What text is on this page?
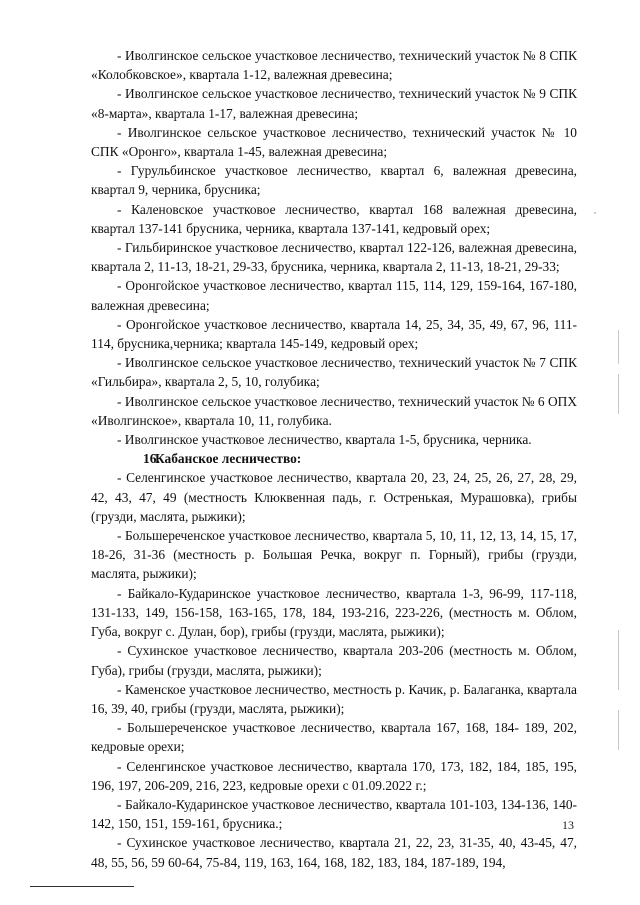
- Иволгинское сельское участковое лесничество, технический участок № 8 СПК «Колобковское», квартала 1-12, валежная древесина;

- Иволгинское сельское участковое лесничество, технический участок № 9 СПК «8-марта», квартала 1-17, валежная древесина;

- Иволгинское сельское участковое лесничество, технический участок № 10 СПК «Оронго», квартала 1-45, валежная древесина;

- Гурульбинское участковое лесничество, квартал 6, валежная древесина, квартал 9, черника, брусника;

- Каленовское участковое лесничество, квартал 168 валежная древесина, квартал 137-141 брусника, черника, квартала 137-141, кедровый орех;

- Гильбиринское участковое лесничество, квартал 122-126, валежная древесина, квартала 2, 11-13, 18-21, 29-33, брусника, черника, квартала 2, 11-13, 18-21, 29-33;

- Оронгойское участковое лесничество, квартал 115, 114, 129, 159-164, 167-180, валежная древесина;

- Оронгойское участковое лесничество, квартала 14, 25, 34, 35, 49, 67, 96, 111-114, брусника,черника; квартала 145-149, кедровый орех;

- Иволгинское сельское участковое лесничество, технический участок № 7 СПК «Гильбира», квартала 2, 5, 10, голубика;

- Иволгинское сельское участковое лесничество, технический участок № 6 ОПХ «Иволгинское», квартала 10, 11, голубика.

- Иволгинское участковое лесничество, квартала 1-5, брусника, черника.

16.Кабанское лесничество:

- Селенгинское участковое лесничество, квартала 20, 23, 24, 25, 26, 27, 28, 29, 42, 43, 47, 49 (местность Клюквенная падь, г. Остренькая, Мурашовка), грибы (грузди, маслята, рыжики);

- Большереченское участковое лесничество, квартала 5, 10, 11, 12, 13, 14, 15, 17, 18-26, 31-36 (местность р. Большая Речка, вокруг п. Горный), грибы (грузди, маслята, рыжики);

- Байкало-Кударинское участковое лесничество, квартала 1-3, 96-99, 117-118, 131-133, 149, 156-158, 163-165, 178, 184, 193-216, 223-226, (местность м. Облом, Губа, вокруг с. Дулан, бор), грибы (грузди, маслята, рыжики);

- Сухинское участковое лесничество, квартала 203-206 (местность м. Облом, Губа), грибы (грузди, маслята, рыжики);

- Каменское участковое лесничество, местность р. Качик, р. Балаганка, квартала 16, 39, 40, грибы (грузди, маслята, рыжики);

- Большереченское участковое лесничество, квартала 167, 168, 184- 189, 202, кедровые орехи;

- Селенгинское участковое лесничество, квартала 170, 173, 182, 184, 185, 195, 196, 197, 206-209, 216, 223, кедровые орехи с 01.09.2022 г.;

- Байкало-Кударинское участковое лесничество, квартала 101-103, 134-136, 140-142, 150, 151, 159-161, брусника.;

- Сухинское участковое лесничество, квартала 21, 22, 23, 31-35, 40, 43-45, 47, 48, 55, 56, 59 60-64, 75-84, 119, 163, 164, 168, 182, 183, 184, 187-189, 194,

13
